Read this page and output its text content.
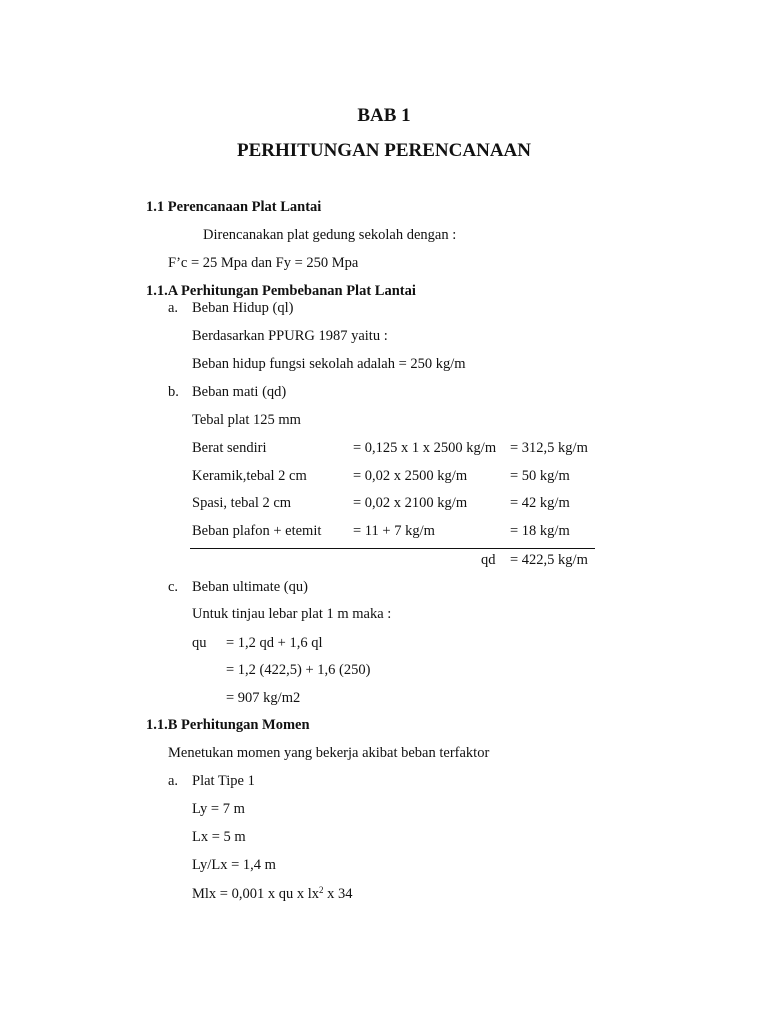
BAB 1
PERHITUNGAN PERENCANAAN
1.1 Perencanaan Plat Lantai
Direncanakan plat gedung sekolah dengan :
F’c = 25 Mpa dan Fy = 250 Mpa
1.1.A Perhitungan Pembebanan Plat Lantai
a. Beban Hidup (ql)
Berdasarkan PPURG 1987 yaitu :
Beban hidup fungsi sekolah adalah = 250 kg/m
b. Beban mati (qd)
Tebal plat 125 mm
Berat sendiri	= 0,125 x 1 x 2500 kg/m = 312,5 kg/m
Keramik,tebal 2 cm	= 0,02 x 2500 kg/m	= 50 kg/m
Spasi, tebal 2 cm	= 0,02 x 2100 kg/m	= 42 kg/m
Beban plafon + etemit = 11 + 7 kg/m	= 18 kg/m
qd = 422,5 kg/m
c. Beban ultimate (qu)
Untuk tinjau lebar plat 1 m maka :
qu = 1,2 qd + 1,6 ql
= 1,2 (422,5) + 1,6 (250)
= 907 kg/m2
1.1.B Perhitungan Momen
Menetukan momen yang bekerja akibat beban terfaktor
a. Plat Tipe 1
Ly = 7 m
Lx = 5 m
Ly/Lx = 1,4 m
Mlx = 0,001 x qu x $lx^2$ x 34
